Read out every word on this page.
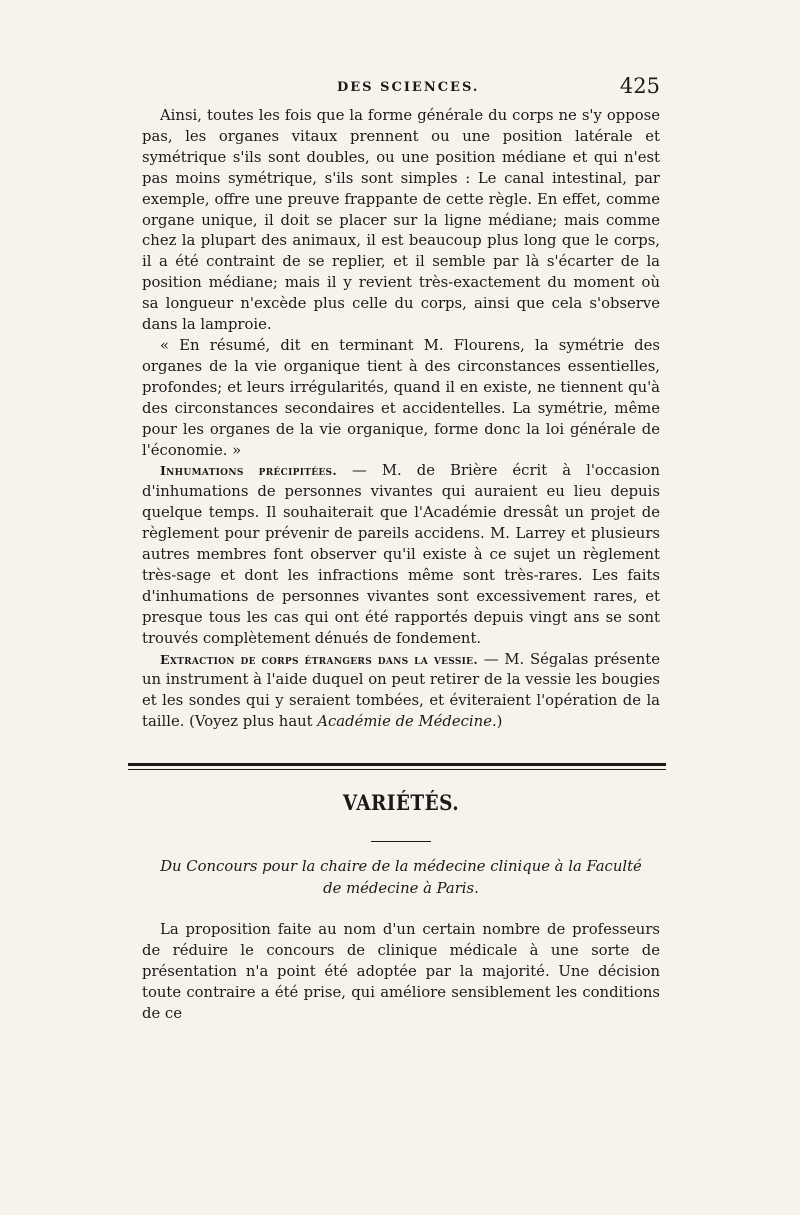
DES SCIENCES.	425

Ainsi, toutes les fois que la forme générale du corps ne s'y oppose pas, les organes vitaux prennent ou une position latérale et symétrique s'ils sont doubles, ou une position médiane et qui n'est pas moins symétrique, s'ils sont simples : Le canal intestinal, par exemple, offre une preuve frappante de cette règle. En effet, comme organe unique, il doit se placer sur la ligne médiane; mais comme chez la plupart des animaux, il est beaucoup plus long que le corps, il a été contraint de se replier, et il semble par là s'écarter de la position médiane; mais il y revient très-exactement du moment où sa longueur n'excède plus celle du corps, ainsi que cela s'observe dans la lamproie.

« En résumé, dit en terminant M. Flourens, la symétrie des organes de la vie organique tient à des circonstances essentielles, profondes; et leurs irrégularités, quand il en existe, ne tiennent qu'à des circonstances secondaires et accidentelles. La symétrie, même pour les organes de la vie organique, forme donc la loi générale de l'économie. »

Inhumations précipitées. — M. de Brière écrit à l'occasion d'inhumations de personnes vivantes qui auraient eu lieu depuis quelque temps. Il souhaiterait que l'Académie dressât un projet de règlement pour prévenir de pareils accidens. M. Larrey et plusieurs autres membres font observer qu'il existe à ce sujet un règlement très-sage et dont les infractions même sont très-rares. Les faits d'inhumations de personnes vivantes sont excessivement rares, et presque tous les cas qui ont été rapportés depuis vingt ans se sont trouvés complètement dénués de fondement.

Extraction de corps étrangers dans la vessie. — M. Ségalas présente un instrument à l'aide duquel on peut retirer de la vessie les bougies et les sondes qui y seraient tombées, et éviteraient l'opération de la taille. (Voyez plus haut Académie de Médecine.)

VARIÉTÉS.
Du Concours pour la chaire de la médecine clinique à la Faculté
de médecine à Paris.

La proposition faite au nom d'un certain nombre de professeurs de réduire le concours de clinique médicale à une sorte de présentation n'a point été adoptée par la majorité. Une décision toute contraire a été prise, qui améliore sensiblement les conditions de ce
